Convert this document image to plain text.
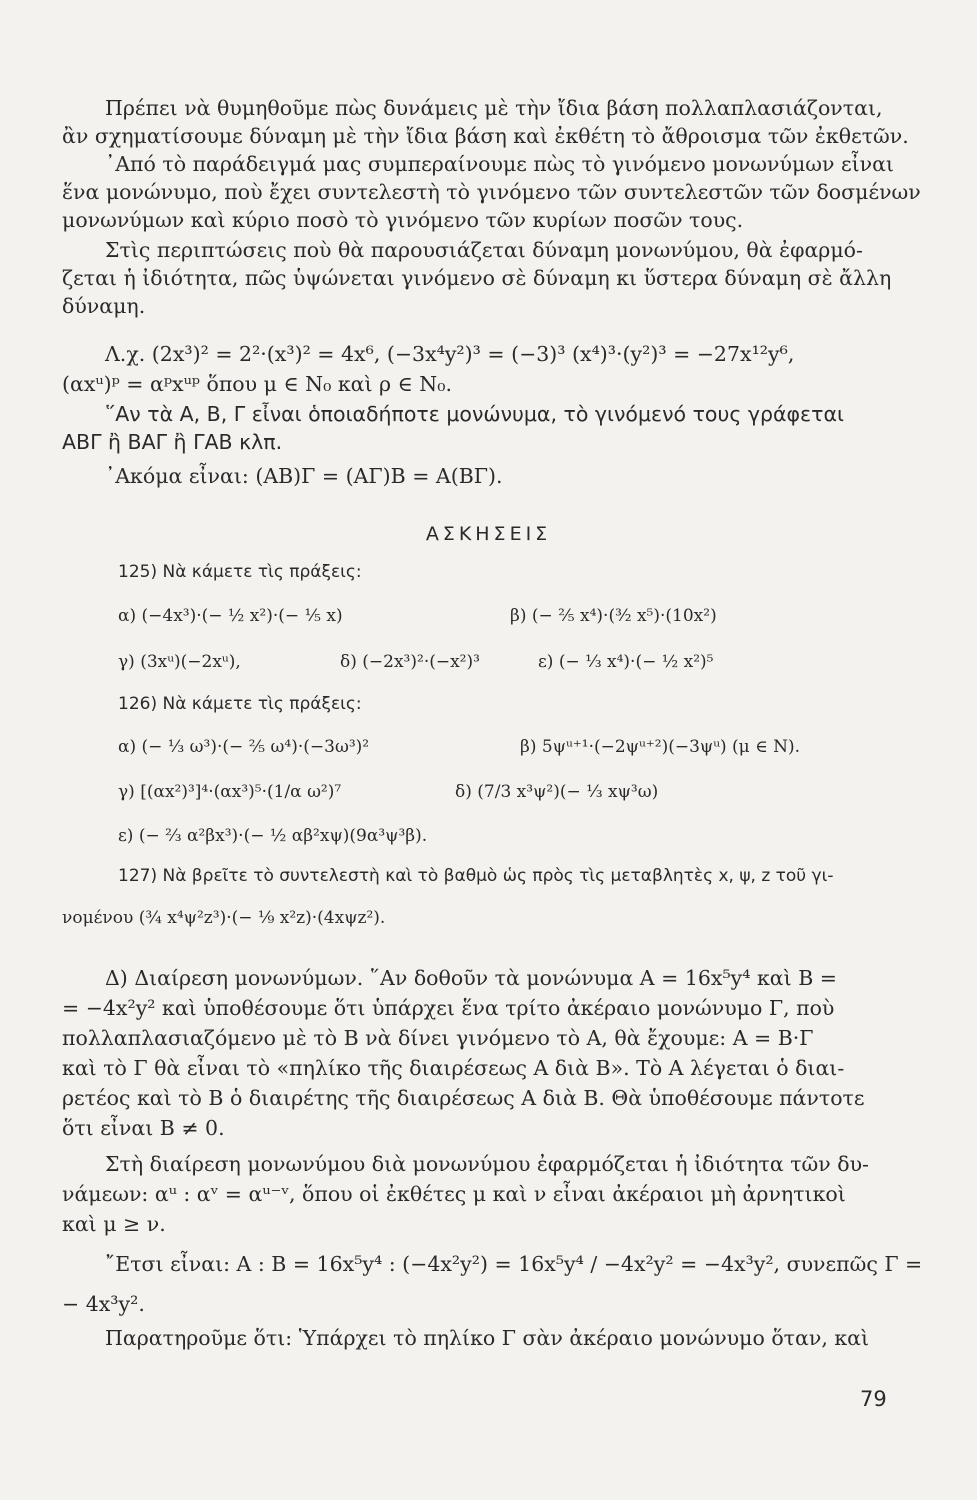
Πρέπει νὰ θυμηθοῦμε πὼς δυνάμεις μὲ τὴν ἴδια βάση πολλαπλασιάζονται,
ἂν σχηματίσουμε δύναμη μὲ τὴν ἴδια βάση καὶ ἐκθέτη τὸ ἄθροισμα τῶν ἐκθετῶν.
᾿Από τὸ παράδειγμά μας συμπεραίνουμε πὼς τὸ γινόμενο μονωνύμων εἶναι
ἕνα μονώνυμο, ποὺ ἔχει συντελεστὴ τὸ γινόμενο τῶν συντελεστῶν τῶν δοσμένων
μονωνύμων καὶ κύριο ποσὸ τὸ γινόμενο τῶν κυρίων ποσῶν τους.
Στὶς περιπτώσεις ποὺ θὰ παρουσιάζεται δύναμη μονωνύμου, θὰ ἐφαρμό-
ζεται ἡ ἰδιότητα, πῶς ὑψώνεται γινόμενο σὲ δύναμη κι ὕστερα δύναμη σὲ ἄλλη
δύναμη.
Λ.χ. (2x³)² = 2²·(x³)² = 4x⁶, (−3x⁴y²)³ = (−3)³ (x⁴)³·(y²)³ = −27x¹²y⁶,
(αxᵘ)ᵖ = αᵖxᵘᵖ ὅπου μ ∈ N₀ καὶ ρ ∈ N₀.
῞Αν τὰ Α, Β, Γ εἶναι ὁποιαδήποτε μονώνυμα, τὸ γινόμενό τους γράφεται
ΑΒΓ ἢ ΒΑΓ ἢ ΓΑΒ κλπ.
᾿Ακόμα εἶναι: (ΑΒ)Γ = (ΑΓ)Β = Α(ΒΓ).
ΑΣΚΗΣΕΙΣ
125) Νὰ κάμετε τὶς πράξεις:
α) (−4x³)·(− ½ x²)·(− ⅕ x)	β) (− ⅖ x⁴)·(³⁄₂ x⁵)·(10x²)
γ) (3xᵘ)(−2xᵘ),	δ) (−2x³)²·(−x²)³	ε) (− ⅓ x⁴)·(− ½ x²)⁵
126) Νὰ κάμετε τὶς πράξεις:
α) (− ⅓ ω³)·(− ⅖ ω⁴)·(−3ω³)²	β) 5ψᵘ⁺¹·(−2ψᵘ⁺²)(−3ψᵘ) (μ ∈ N).
γ) [(αx²)³]⁴·(αx³)⁵·(1/α ω²)⁷	δ) (7/3 x³ψ²)(− ⅓ xψ³ω)
ε) (− ⅔ α²βx³)·(− ½ αβ²xψ)(9α³ψ³β).
127) Νὰ βρεῖτε τὸ συντελεστὴ καὶ τὸ βαθμὸ ὡς πρὸς τὶς μεταβλητὲς x, ψ, z τοῦ γι-
νομένου (¾ x⁴ψ²z³)·(− ⅑ x²z)·(4xψz²).
Δ) Διαίρεση μονωνύμων. ῞Αν δοθοῦν τὰ μονώνυμα Α = 16x⁵y⁴ καὶ Β =
= −4x²y² καὶ ὑποθέσουμε ὅτι ὑπάρχει ἕνα τρίτο ἀκέραιο μονώνυμο Γ, ποὺ
πολλαπλασιαζόμενο μὲ τὸ Β νὰ δίνει γινόμενο τὸ Α, θὰ ἔχουμε: Α = Β·Γ
καὶ τὸ Γ θὰ εἶναι τὸ «πηλίκο τῆς διαιρέσεως Α διὰ Β». Τὸ Α λέγεται ὁ διαι-
ρετέος καὶ τὸ Β ὁ διαιρέτης τῆς διαιρέσεως Α διὰ Β. Θὰ ὑποθέσουμε πάντοτε
ὅτι εἶναι Β ≠ 0.
Στὴ διαίρεση μονωνύμου διὰ μονωνύμου ἐφαρμόζεται ἡ ἰδιότητα τῶν δυ-
νάμεων: αᵘ : αᵛ = αᵘ⁻ᵛ, ὅπου οἱ ἐκθέτες μ καὶ ν εἶναι ἀκέραιοι μὴ ἀρνητικοὶ
καὶ μ ≥ ν.
῎Ετσι εἶναι: Α : Β = 16x⁵y⁴ : (−4x²y²) = 16x⁵y⁴ / −4x²y² = −4x³y², συνεπῶς Γ =
− 4x³y².
Παρατηροῦμε ὅτι: Ὑπάρχει τὸ πηλίκο Γ σὰν ἀκέραιο μονώνυμο ὅταν, καὶ
79
